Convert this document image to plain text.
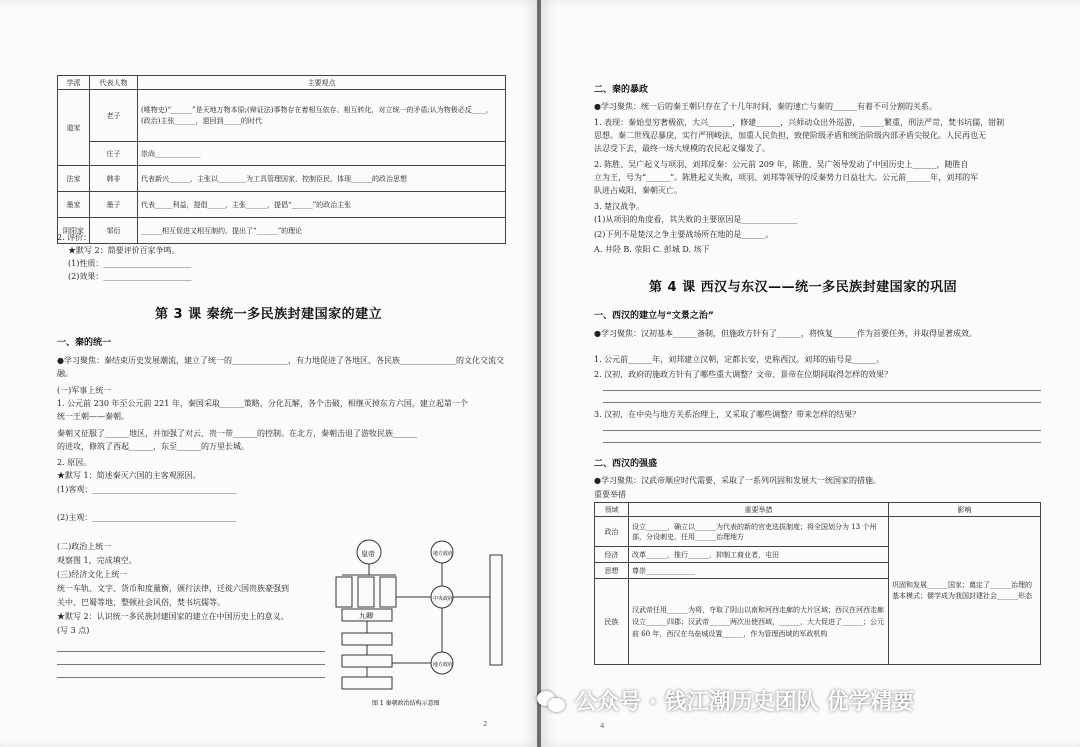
学派	代表人物	主要观点
道家	老子	(唯物史)“______”是天地万物本原;(辩证法)事物存在着相互依存、相互转化，对立统一的矛盾;认为物极必反____，(政治)主张______，退回到_____的时代
	庄子	崇尚_____________
法家	韩非	代表新兴______，主张以________为工具管理国家，控制臣民，体现______的政治思想
墨家	墨子	代表_____利益，提倡_____，主张______，提倡“______”的政治主张
阴阳家	邹衍	______相互促进又相互制约，提出了“______”的理论
2. 评价：
★默写 2：简要评价百家争鸣。
(1)性质：______________________
(2)效果：______________________
第 3 课 秦统一多民族封建国家的建立
一、秦的统一
●学习聚焦：秦结束历史发展潮流，建立了统一的______________，有力地促进了各地区、各民族______________的文化交流交融。
(一)军事上统一
1. 公元前 230 年至公元前 221 年，秦国采取______策略，分化瓦解，各个击破，相继灭掉东方六国，建立起第一个
统一王朝——秦朝。
秦朝又征服了______地区，并加强了对云、贵一带______的控制。在北方，秦朝击退了游牧民族______
的进攻，修筑了西起______，东至______的万里长城。
2. 原因。
★默写 1：简述秦灭六国的主客观原因。
(1)客观：____________________________________
(2)主观：____________________________________
(二)政治上统一
观察图 1，完成填空。
(三)经济文化上统一
统一车轨、文字、货币和度量衡，颁行法律，迁徙六国贵族豪强到
关中、巴蜀等地，整顿社会风俗，焚书坑儒等。
★默写 2：认识统一多民族封建国家的建立在中国历史上的意义。
(写 3 点)
皇帝
九卿
地方政府
中央政府
地方政府
图 1 秦朝政治结构示意图
2
二、秦的暴政
●学习聚焦：统一后的秦王朝只存在了十几年时间，秦的速亡与秦的______有着不可分割的关系。
1. 表现：秦始皇穷奢极欲，大兴______，修建______，兴师动众出外巡游，______繁重，刑法严苛，焚书坑儒，钳制
思想。秦二世残忍暴戾，实行严刑峻法，加重人民负担，致使阶级矛盾和统治阶级内部矛盾尖锐化。人民再也无
法忍受下去，最终一场大规模的农民起义爆发了。
2. 陈胜、吴广起义与项羽、刘邦反秦：公元前 209 年，陈胜、吴广领导发动了中国历史上______，随胜自
立为王，号为“______”。陈胜起义失败，项羽、刘邦等领导的反秦势力日益壮大。公元前______年，刘邦的军
队进占咸阳，秦朝灭亡。
3. 楚汉战争。
(1)从项羽的角度看，其失败的主要原因是______________
(2)下列不是楚汉之争主要战场所在地的是______。
A. 井陉 B. 荥阳 C. 彭城 D. 垓下
第 4 课 西汉与东汉——统一多民族封建国家的巩固
一、西汉的建立与“文景之治”
●学习聚焦：汉初基本______备制，但施政方针有了______，将恢复______作为首要任务，并取得显著成效。
1. 公元前______年，刘邦建立汉朝，定都长安，史称西汉。刘邦的庙号是______。
2. 汉初，政府的施政方针有了哪些重大调整？文帝、景帝在位期间取得怎样的效果？
3. 汉初，在中央与地方关系治理上，又采取了哪些调整？带来怎样的结果？
二、西汉的强盛
●学习聚焦：汉武帝顺应时代需要，采取了一系列巩固和发展大一统国家的措施。
重要举措
领域	重要举措	影响
政治	设立______，确立以______为代表的新的官吏选拔制度；将全国划分为 13 个州部，分设刺史，任用______治理地方	巩固和发展______国家；奠定了______治理的基本模式；儒学成为我国封建社会______形态
经济	改革______，推行______，抑制工商业者，屯田	
思想	尊崇______________	
民族	汉武帝任用______为将，夺取了阴山以南和河西走廊的大片区域；西汉在河西走廊设立______四郡；汉武帝______两次出使西域，______，大大促进了______；公元前 60 年，西汉在乌垒城设置______，作为管理西域的军政机构	
4
公众号 · 钱江潮历史团队 优学精要
